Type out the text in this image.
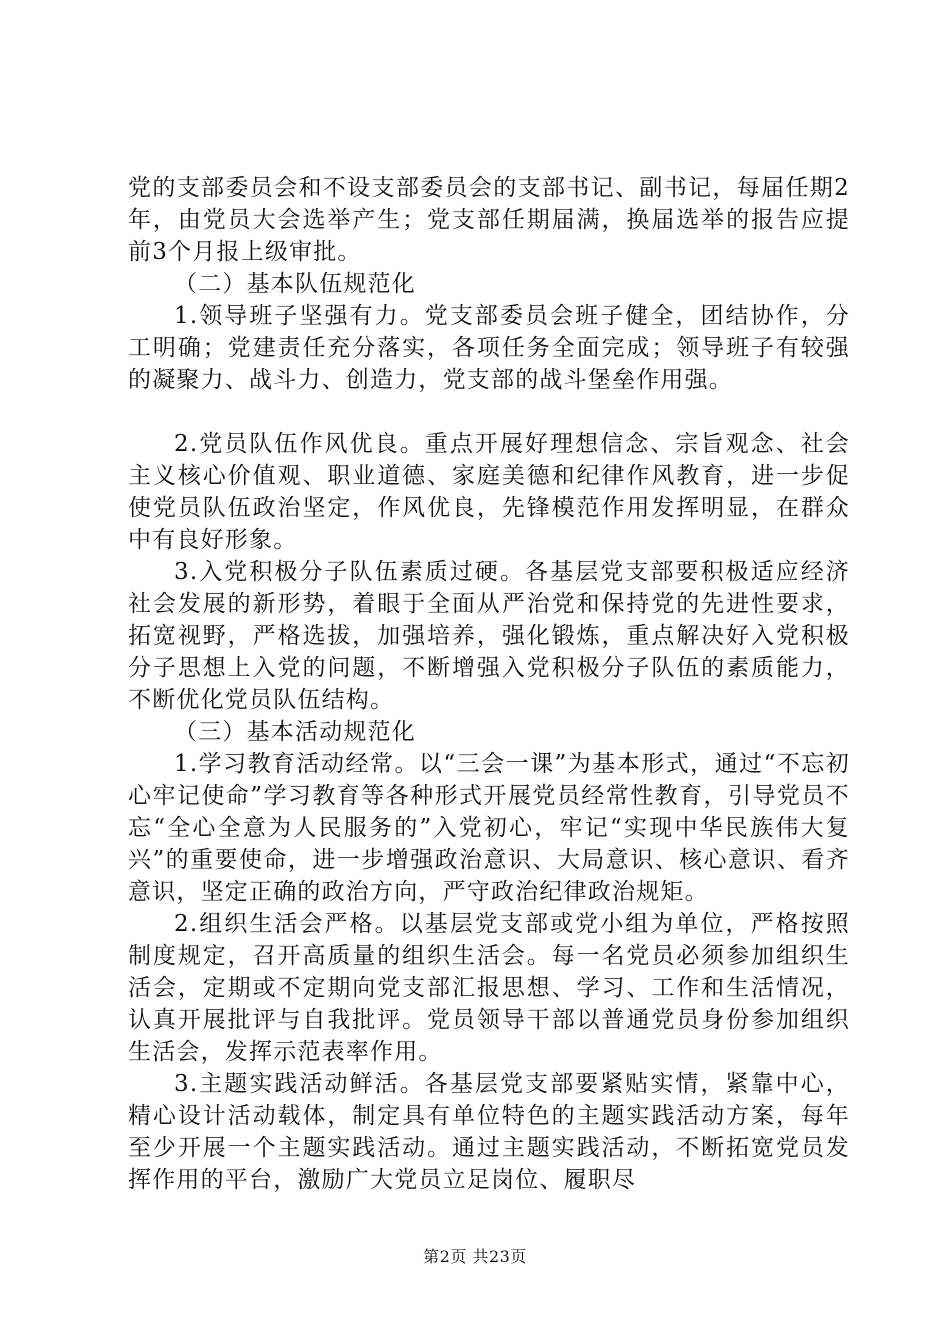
党的支部委员会和不设支部委员会的支部书记、副书记，每届任期2年，由党员大会选举产生；党支部任期届满，换届选举的报告应提前3个月报上级审批。

（二）基本队伍规范化

1.领导班子坚强有力。党支部委员会班子健全，团结协作，分工明确；党建责任充分落实，各项任务全面完成；领导班子有较强的凝聚力、战斗力、创造力，党支部的战斗堡垒作用强。

2.党员队伍作风优良。重点开展好理想信念、宗旨观念、社会主义核心价值观、职业道德、家庭美德和纪律作风教育，进一步促使党员队伍政治坚定，作风优良，先锋模范作用发挥明显，在群众中有良好形象。

3.入党积极分子队伍素质过硬。各基层党支部要积极适应经济社会发展的新形势，着眼于全面从严治党和保持党的先进性要求，拓宽视野，严格选拔，加强培养，强化锻炼，重点解决好入党积极分子思想上入党的问题，不断增强入党积极分子队伍的素质能力，不断优化党员队伍结构。

（三）基本活动规范化

1.学习教育活动经常。以“三会一课”为基本形式，通过“不忘初心牢记使命”学习教育等各种形式开展党员经常性教育，引导党员不忘“全心全意为人民服务的”入党初心，牢记“实现中华民族伟大复兴”的重要使命，进一步增强政治意识、大局意识、核心意识、看齐意识，坚定正确的政治方向，严守政治纪律政治规矩。

2.组织生活会严格。以基层党支部或党小组为单位，严格按照制度规定，召开高质量的组织生活会。每一名党员必须参加组织生活会，定期或不定期向党支部汇报思想、学习、工作和生活情况，认真开展批评与自我批评。党员领导干部以普通党员身份参加组织生活会，发挥示范表率作用。

3.主题实践活动鲜活。各基层党支部要紧贴实情，紧靠中心，精心设计活动载体，制定具有单位特色的主题实践活动方案，每年至少开展一个主题实践活动。通过主题实践活动，不断拓宽党员发挥作用的平台，激励广大党员立足岗位、履职尽

第2页 共23页
